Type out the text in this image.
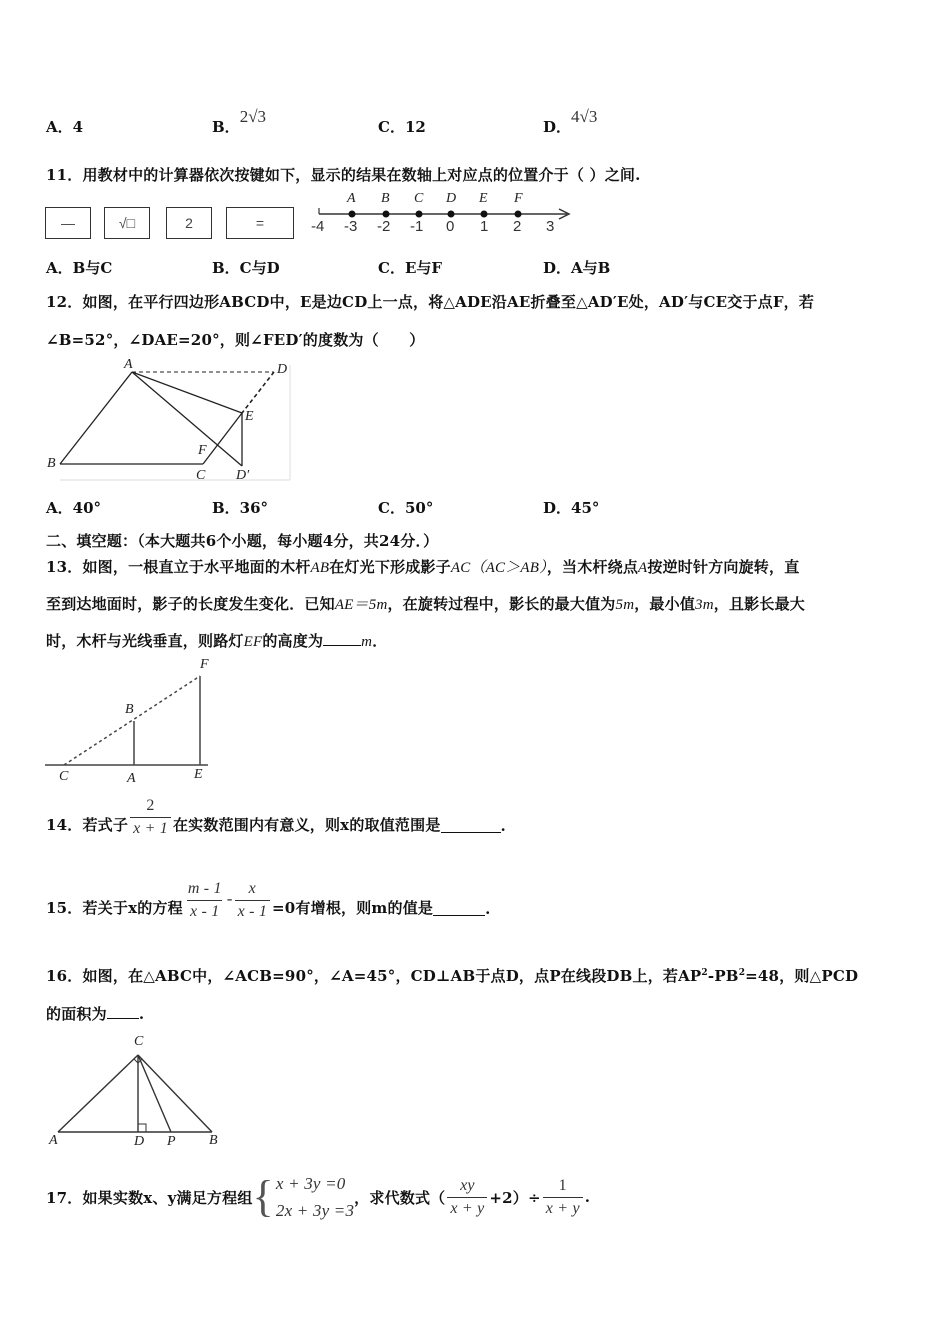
A．4	B．2√3
C．12	D．4√3
11．用教材中的计算器依次按键如下，显示的结果在数轴上对应点的位置介于（ ）之间.
—	√□	2	=
A B C D E F
-4 -3 -2 -1 0 1 2 3
A．B与C	B．C与D	C．E与F	D．A与B
12．如图，在平行四边形ABCD中，E是边CD上一点，将△ADE沿AE折叠至△AD′E处，AD′与CE交于点F，若
∠B=52°，∠DAE=20°，则∠FED′的度数为（　　）
A	D
E
F
B
C D′
A．40°	B．36°	C．50°	D．45°
二、填空题：（本大题共6个小题，每小题4分，共24分．）
13．如图，一根直立于水平地面的木杆AB在灯光下形成影子AC（AC＞AB），当木杆绕点A按逆时针方向旋转，直
至到达地面时，影子的长度发生变化．已知AE＝5m，在旋转过程中，影长的最大值为5m，最小值3m，且影长最大
时，木杆与光线垂直，则路灯EF的高度为	m．
F
B
C	A	E
14．若式子 $\frac{2}{x + 1}$ 在实数范围内有意义，则x的取值范围是	.
15．若关于x的方程 $\frac{m - 1}{x - 1} - \frac{x}{x - 1} =0$有增根，则m的值是	.
16．如图，在△ABC中，∠ACB=90°，∠A=45°，CD⊥AB于点D，点P在线段DB上，若$AP^2-PB^2=48$，则△PCD
的面积为 .
C
A	D P B
17．如果实数x、y满足方程组 { x + 3y =0
2x + 3y =3
，求代数式（ $\frac{xy}{x + y} +2)\div \frac{1}{x + y}$ .
